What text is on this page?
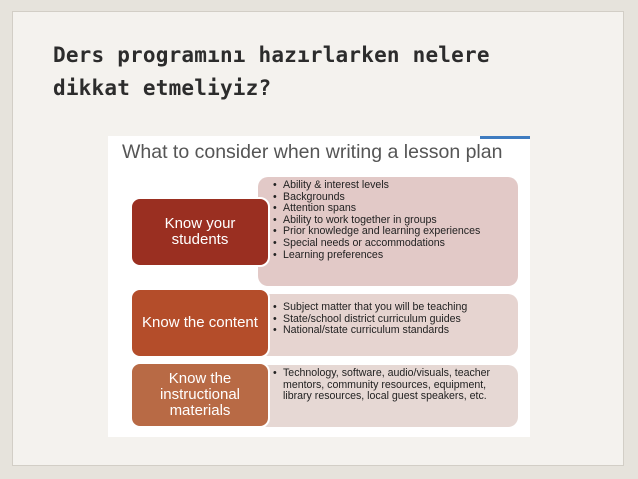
Ders programını hazırlarken nelere dikkat etmeliyiz?
What to consider when writing a lesson plan
Know your
students
• Ability & interest levels
• Backgrounds
• Attention spans
• Ability to work together in groups
• Prior knowledge and learning experiences
• Special needs or accommodations
• Learning preferences
Know the content
• Subject matter that you will be teaching
• State/school district curriculum guides
• National/state curriculum standards
Know the
instructional
materials
• Technology, software, audio/visuals, teacher mentors, community resources, equipment, library resources, local guest speakers, etc.
